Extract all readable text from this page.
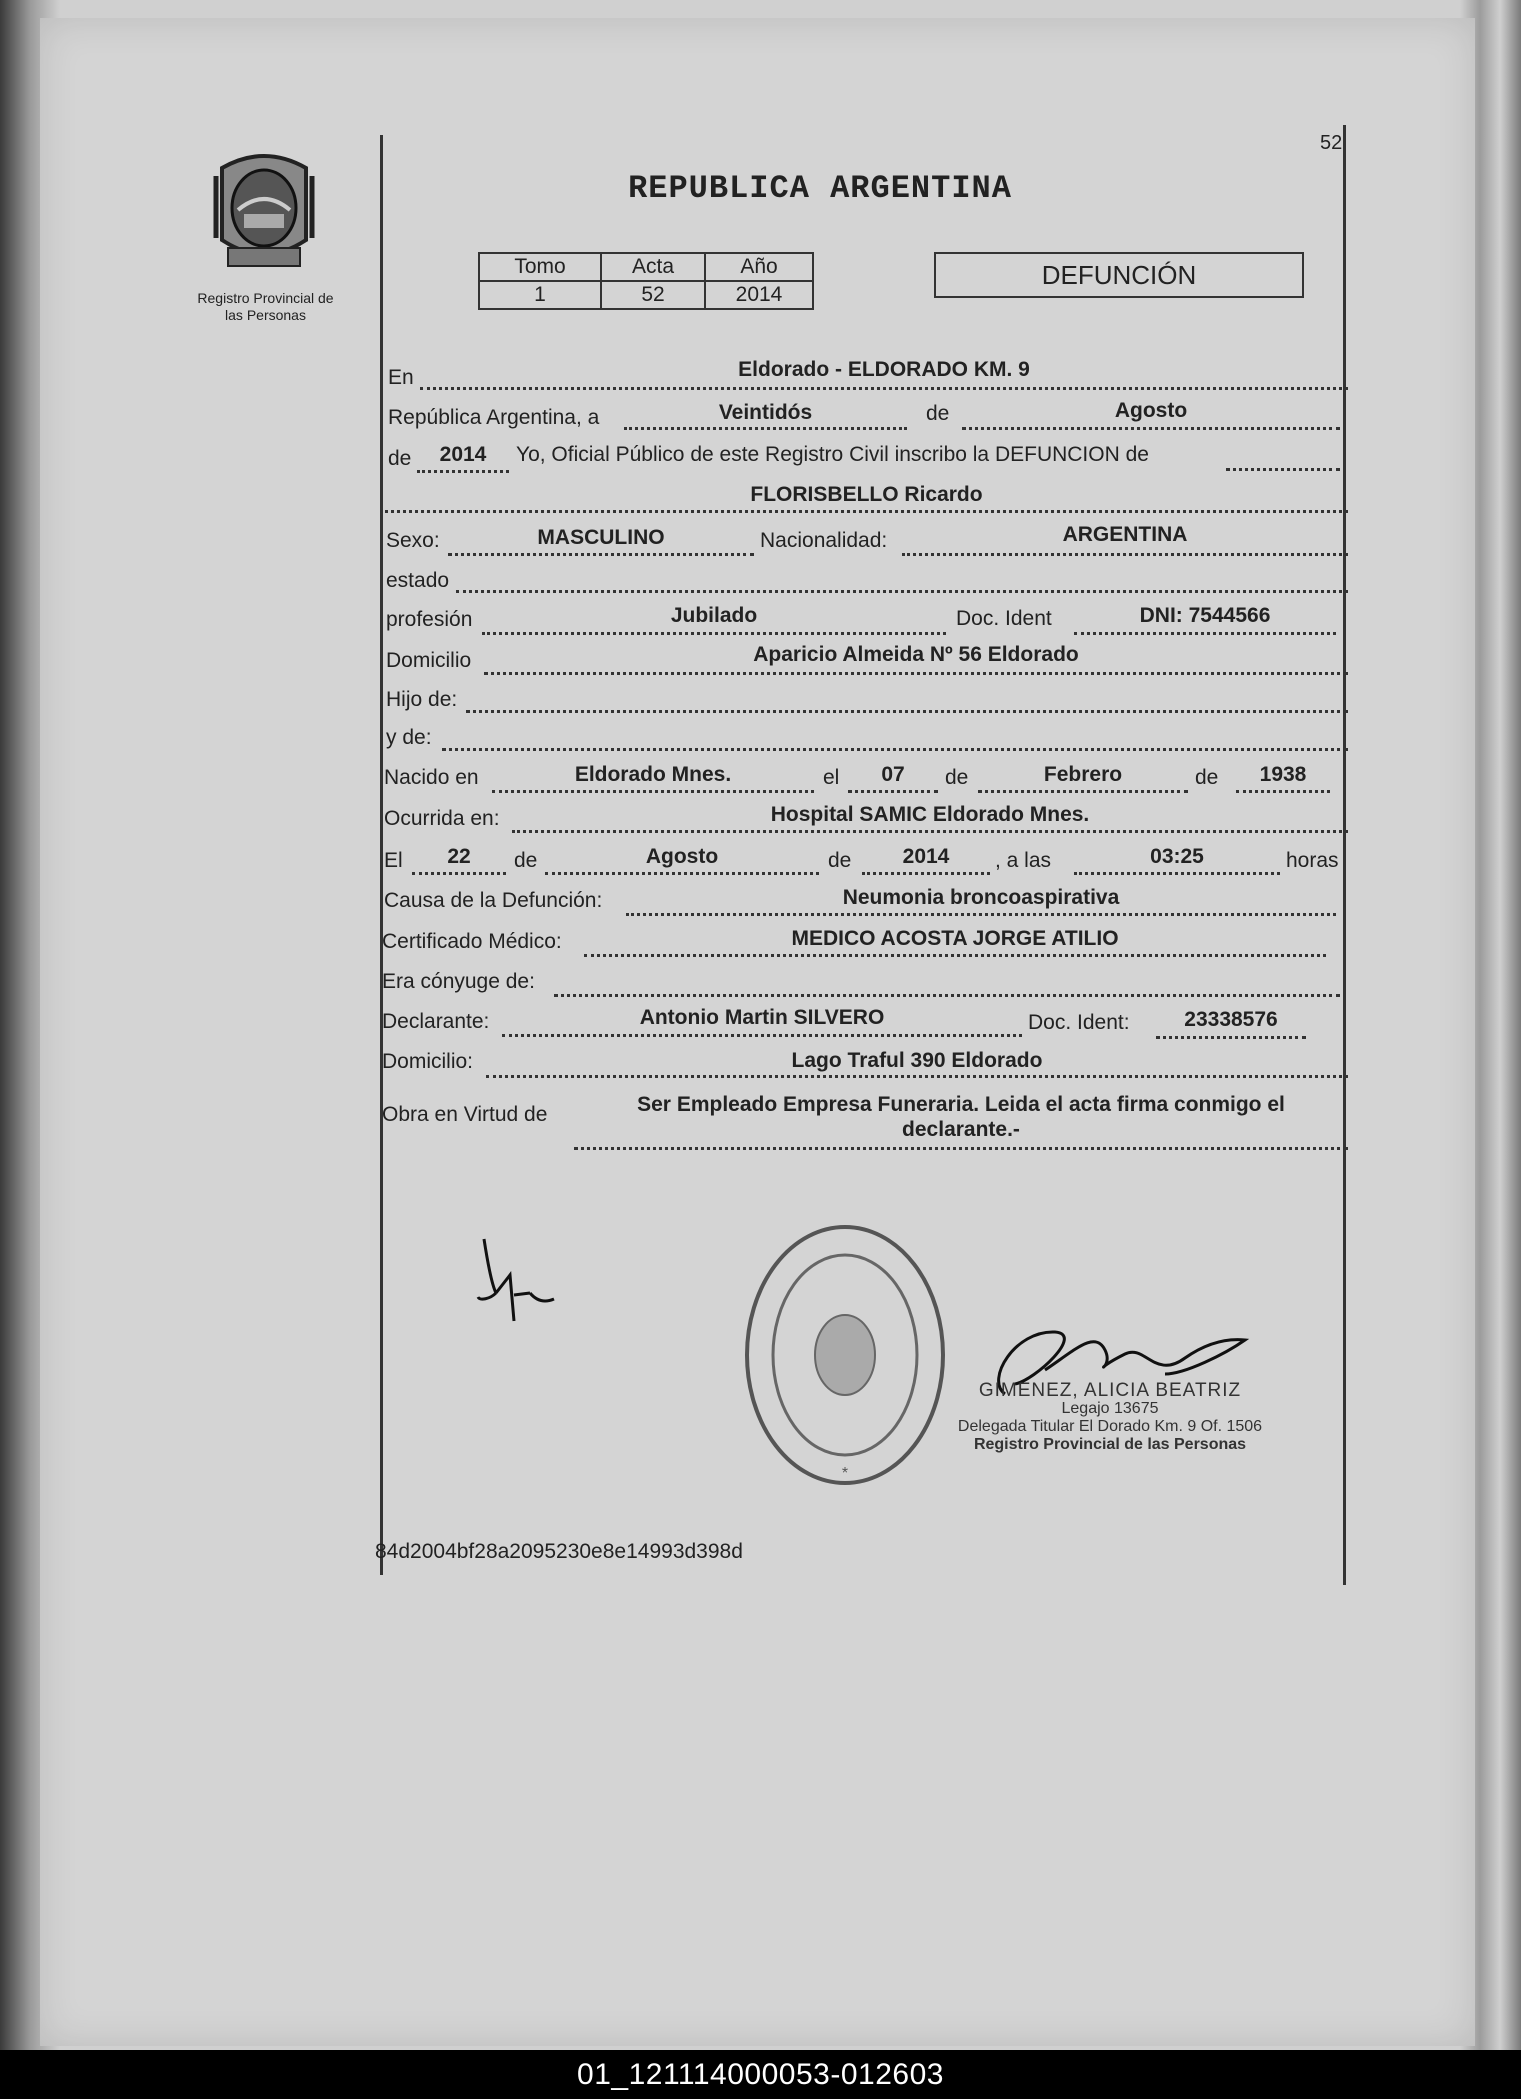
52
Registro Provincial de
las Personas
REPUBLICA ARGENTINA
Tomo	Acta	Año
1	52	2014
DEFUNCIÓN
En	Eldorado - ELDORADO KM. 9
República Argentina, a	Veintidós	de	Agosto
de	2014	Yo, Oficial Público de este Registro Civil inscribo la DEFUNCION de
FLORISBELLO Ricardo
Sexo:	MASCULINO	Nacionalidad:	ARGENTINA
estado
profesión	Jubilado	Doc. Ident	DNI: 7544566
Domicilio	Aparicio Almeida Nº 56 Eldorado
Hijo de:
y de:
Nacido en	Eldorado Mnes.	el	07	de	Febrero	de	1938
Ocurrida en:	Hospital SAMIC Eldorado Mnes.
El	22	de	Agosto	de	2014	, a las	03:25	horas
Causa de la Defunción:	Neumonia broncoaspirativa
Certificado Médico:	MEDICO ACOSTA JORGE ATILIO
Era cónyuge de:
Declarante:	Antonio Martin SILVERO	Doc. Ident:	23338576
Domicilio:	Lago Traful 390 Eldorado
Obra en Virtud de	Ser Empleado Empresa Funeraria. Leida el acta firma conmigo el
declarante.-
*
GIMENEZ, ALICIA BEATRIZ
Legajo 13675
Delegada Titular El Dorado Km. 9 Of. 1506
Registro Provincial de las Personas
84d2004bf28a2095230e8e14993d398d
01_121114000053-012603
